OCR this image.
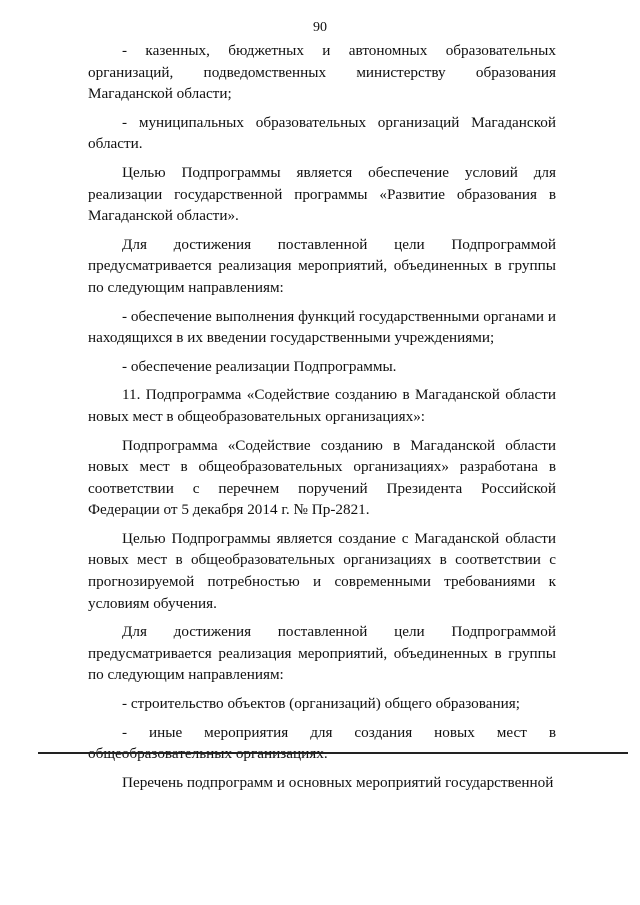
90

- казенных, бюджетных и автономных образовательных организаций, подведомственных министерству образования Магаданской области;

- муниципальных образовательных организаций Магаданской области.

Целью Подпрограммы является обеспечение условий для реализации государственной программы «Развитие образования в Магаданской области».

Для достижения поставленной цели Подпрограммой предусматривается реализация мероприятий, объединенных в группы по следующим направлениям:

- обеспечение выполнения функций государственными органами и находящихся в их введении государственными учреждениями;

- обеспечение реализации Подпрограммы.

11. Подпрограмма «Содействие созданию в Магаданской области новых мест в общеобразовательных организациях»:

Подпрограмма «Содействие созданию в Магаданской области новых мест в общеобразовательных организациях» разработана в соответствии с перечнем поручений Президента Российской Федерации от 5 декабря 2014 г. № Пр-2821.

Целью Подпрограммы является создание с Магаданской области новых мест в общеобразовательных организациях в соответствии с прогнозируемой потребностью и современными требованиями к условиям обучения.

Для достижения поставленной цели Подпрограммой предусматривается реализация мероприятий, объединенных в группы по следующим направлениям:

- строительство объектов (организаций) общего образования;

- иные мероприятия для создания новых мест в общеобразовательных организациях.

Перечень подпрограмм и основных мероприятий государственной
